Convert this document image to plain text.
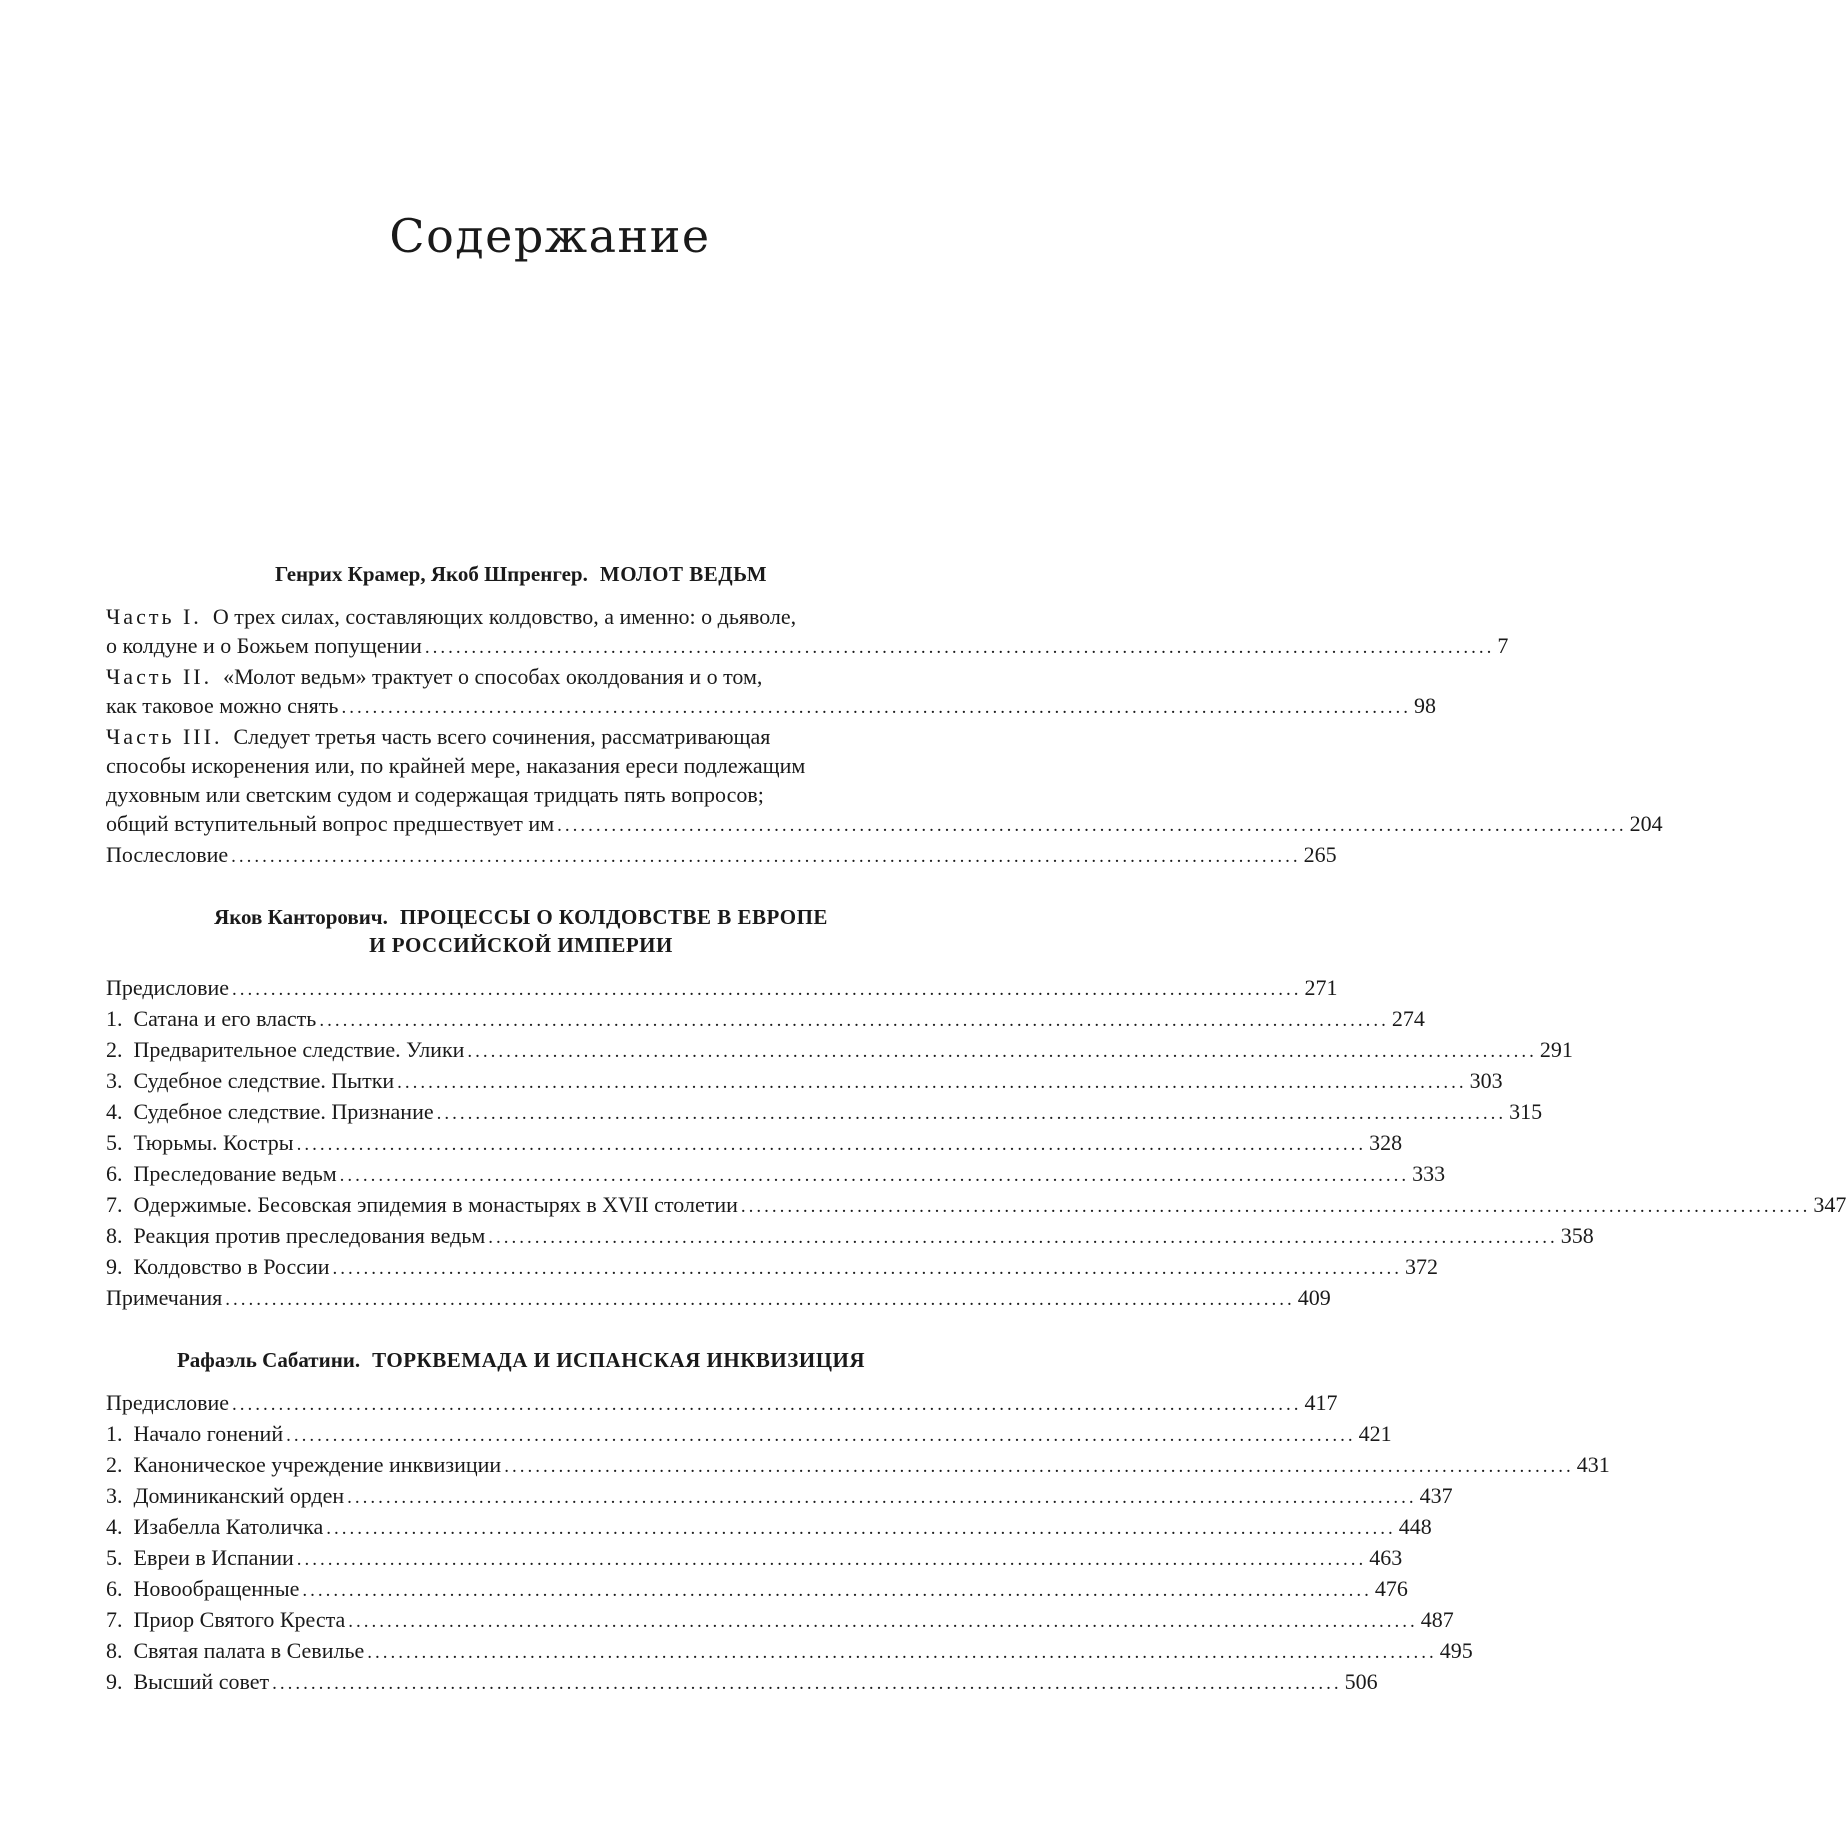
Содержание
Генрих Крамер, Якоб Шпренгер. МОЛОТ ВЕДЬМ
Часть I. О трех силах, составляющих колдовство, а именно: о дьяволе,
о колдуне и о Божьем попущении .......................................................................................................................................... 7
Часть II. «Молот ведьм» трактует о способах околдования и о том,
как таковое можно снять .......................................................................................................................................... 98
Часть III. Следует третья часть всего сочинения, рассматривающая
способы искоренения или, по крайней мере, наказания ереси подлежащим
духовным или светским судом и содержащая тридцать пять вопросов;
общий вступительный вопрос предшествует им .......................................................................................................................................... 204
Послесловие .......................................................................................................................................... 265
Яков Канторович. ПРОЦЕССЫ О КОЛДОВСТВЕ В ЕВРОПЕ
И РОССИЙСКОЙ ИМПЕРИИ
Предисловие .......................................................................................................................................... 271
1.  Сатана и его власть .......................................................................................................................................... 274
2.  Предварительное следствие. Улики .......................................................................................................................................... 291
3.  Судебное следствие. Пытки .......................................................................................................................................... 303
4.  Судебное следствие. Признание .......................................................................................................................................... 315
5.  Тюрьмы. Костры .......................................................................................................................................... 328
6.  Преследование ведьм .......................................................................................................................................... 333
7.  Одержимые. Бесовская эпидемия в монастырях в XVII столетии .......................................................................................................................................... 347
8.  Реакция против преследования ведьм .......................................................................................................................................... 358
9.  Колдовство в России .......................................................................................................................................... 372
Примечания .......................................................................................................................................... 409
Рафаэль Сабатини. ТОРКВЕМАДА И ИСПАНСКАЯ ИНКВИЗИЦИЯ
Предисловие .......................................................................................................................................... 417
1.  Начало гонений .......................................................................................................................................... 421
2.  Каноническое учреждение инквизиции .......................................................................................................................................... 431
3.  Доминиканский орден .......................................................................................................................................... 437
4.  Изабелла Католичка .......................................................................................................................................... 448
5.  Евреи в Испании .......................................................................................................................................... 463
6.  Новообращенные .......................................................................................................................................... 476
7.  Приор Святого Креста .......................................................................................................................................... 487
8.  Святая палата в Севилье .......................................................................................................................................... 495
9.  Высший совет .......................................................................................................................................... 506
